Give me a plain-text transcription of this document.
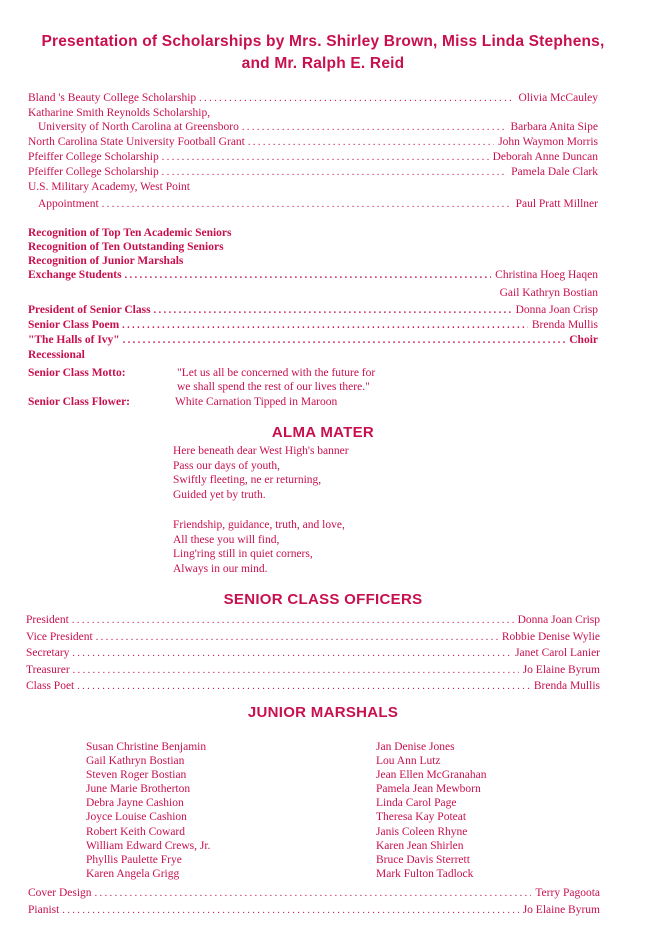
Presentation of Scholarships by Mrs. Shirley Brown, Miss Linda Stephens,
and Mr. Ralph E. Reid
Bland 's Beauty College Scholarship . . .	Olivia McCauley
Katharine Smith Reynolds Scholarship,
University of North Carolina at Greensboro . . .	Barbara Anita Sipe
North Carolina State University Football Grant . . .	John Waymon Morris
Pfeiffer College Scholarship . . .	Deborah Anne Duncan
Pfeiffer College Scholarship . . .	Pamela Dale Clark
U.S. Military Academy, West Point
Appointment . . .	Paul Pratt Millner
Recognition of Top Ten Academic Seniors
Recognition of Ten Outstanding Seniors
Recognition of Junior Marshals
Exchange Students . . .	Christina Hoeg Haqen
Gail Kathryn Bostian
President of Senior Class . . .	Donna Joan Crisp
Senior Class Poem . . .	Brenda Mullis
"The Halls of Ivy" . . .	Choir
Recessional
Senior Class Motto:	"Let us all be concerned with the future for
we shall spend the rest of our lives there."
Senior Class Flower:	White Carnation Tipped in Maroon
ALMA MATER
Here beneath dear West High's banner
Pass our days of youth,
Swiftly fleeting, ne er returning,
Guided yet by truth.
Friendship, guidance, truth, and love,
All these you will find,
Ling'ring still in quiet corners,
Always in our mind.
SENIOR CLASS OFFICERS
President . . .	Donna Joan Crisp
Vice President . . .	Robbie Denise Wylie
Secretary . . .	Janet Carol Lanier
Treasurer . . .	Jo Elaine Byrum
Class Poet . . .	Brenda Mullis
JUNIOR MARSHALS
Susan Christine Benjamin
Gail Kathryn Bostian
Steven Roger Bostian
June Marie Brotherton
Debra Jayne Cashion
Joyce Louise Cashion
Robert Keith Coward
William Edward Crews, Jr.
Phyllis Paulette Frye
Karen Angela Grigg
Jan Denise Jones
Lou Ann Lutz
Jean Ellen McGranahan
Pamela Jean Mewborn
Linda Carol Page
Theresa Kay Poteat
Janis Coleen Rhyne
Karen Jean Shirlen
Bruce Davis Sterrett
Mark Fulton Tadlock
Cover Design . . .	Terry Pagoota
Pianist . . .	Jo Elaine Byrum
